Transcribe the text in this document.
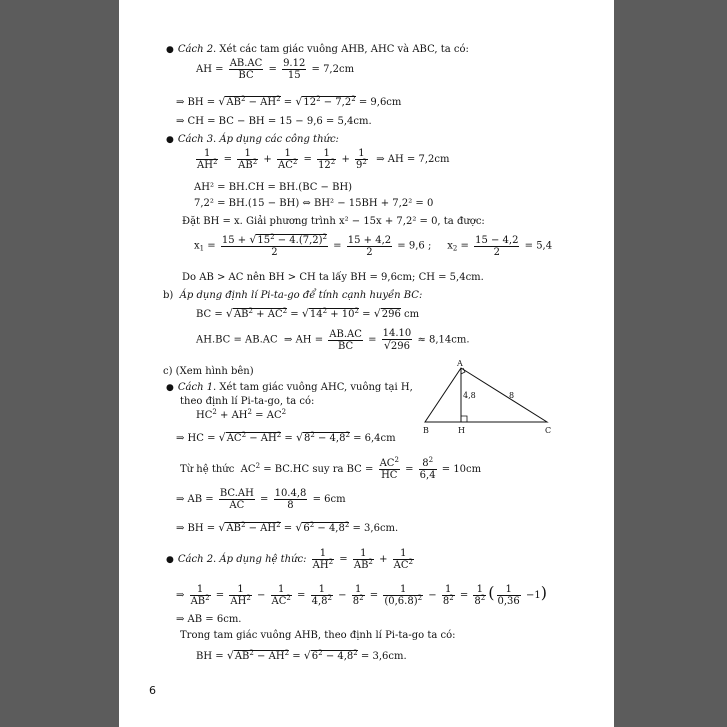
● Cách 2. Xét các tam giác vuông AHB, AHC và ABC, ta có:
AH = $\frac{AB.AC}{BC} = \frac{9.12}{15} = 7,2cm$
⇒ BH = $√AB^2 - AH^2 = √12^2 - 7,2^2 = 9,6cm$
⇒ CH = BC − BH = 15 − 9,6 = 5,4cm.
● Cách 3. Áp dụng các công thức:
$\frac{1}{AH^2} = \frac{1}{AB^2} + \frac{1}{AC^2} = \frac{1}{12^2} + \frac{1}{9^2}$ ⇒ AH = 7,2cm
AH² = BH.CH = BH.(BC − BH)
7,2² = BH.(15 − BH) ⇔ BH² − 15BH + 7,2² = 0
Đặt BH = x. Giải phương trình x² − 15x + 7,2² = 0, ta được:
$x_1 = \frac{15 + √15^2 - 4.(7,2)^2}{2} = \frac{15 + 4,2}{2} = 9,6$ ;     $x_2 = \frac{15 - 4,2}{2} = 5,4$
Do AB > AC nên BH > CH ta lấy BH = 9,6cm; CH = 5,4cm.
b)  Áp dụng định lí Pi-ta-go để tính cạnh huyền BC:
BC = $√AB^2 + AC^2 = √14^2 + 10^2 = √296$ cm
AH.BC = AB.AC  ⇒ AH = $\frac{AB.AC}{BC} = \frac{14.10}{√296} \approx 8,14cm$.
c) (Xem hình bên)
● Cách 1. Xét tam giác vuông AHC, vuông tại H,
theo định lí Pi-ta-go, ta có:
$HC^2 + AH^2 = AC^2$
⇒ HC = $√AC^2 - AH^2 = √8^2 - 4,8^2 = 6,4cm$
Từ hệ thức  $AC^2 = BC.HC$ suy ra BC = $\frac{AC^2}{HC} = \frac{8^2}{6,4} = 10cm$
⇒ AB = $\frac{BC.AH}{AC} = \frac{10.4,8}{8} = 6cm$
⇒ BH = $√AB^2 - AH^2 = √6^2 - 4,8^2 = 3,6cm$.
● Cách 2. Áp dụng hệ thức: $\frac{1}{AH^2} = \frac{1}{AB^2} + \frac{1}{AC^2}$
⇒ $\frac{1}{AB^2} = \frac{1}{AH^2} - \frac{1}{AC^2} = \frac{1}{4,8^2} - \frac{1}{8^2} = \frac{1}{(0,6.8)^2} - \frac{1}{8^2} = \frac{1}{8^2}$ ( $\frac{1}{0,36} -1$)
⇒ AB = 6cm.
Trong tam giác vuông AHB, theo định lí Pi-ta-go ta có:
BH = $√AB^2 - AH^2 = √6^2 - 4,8^2 = 3,6cm$.
A
B	H	C
4,8	8
6
